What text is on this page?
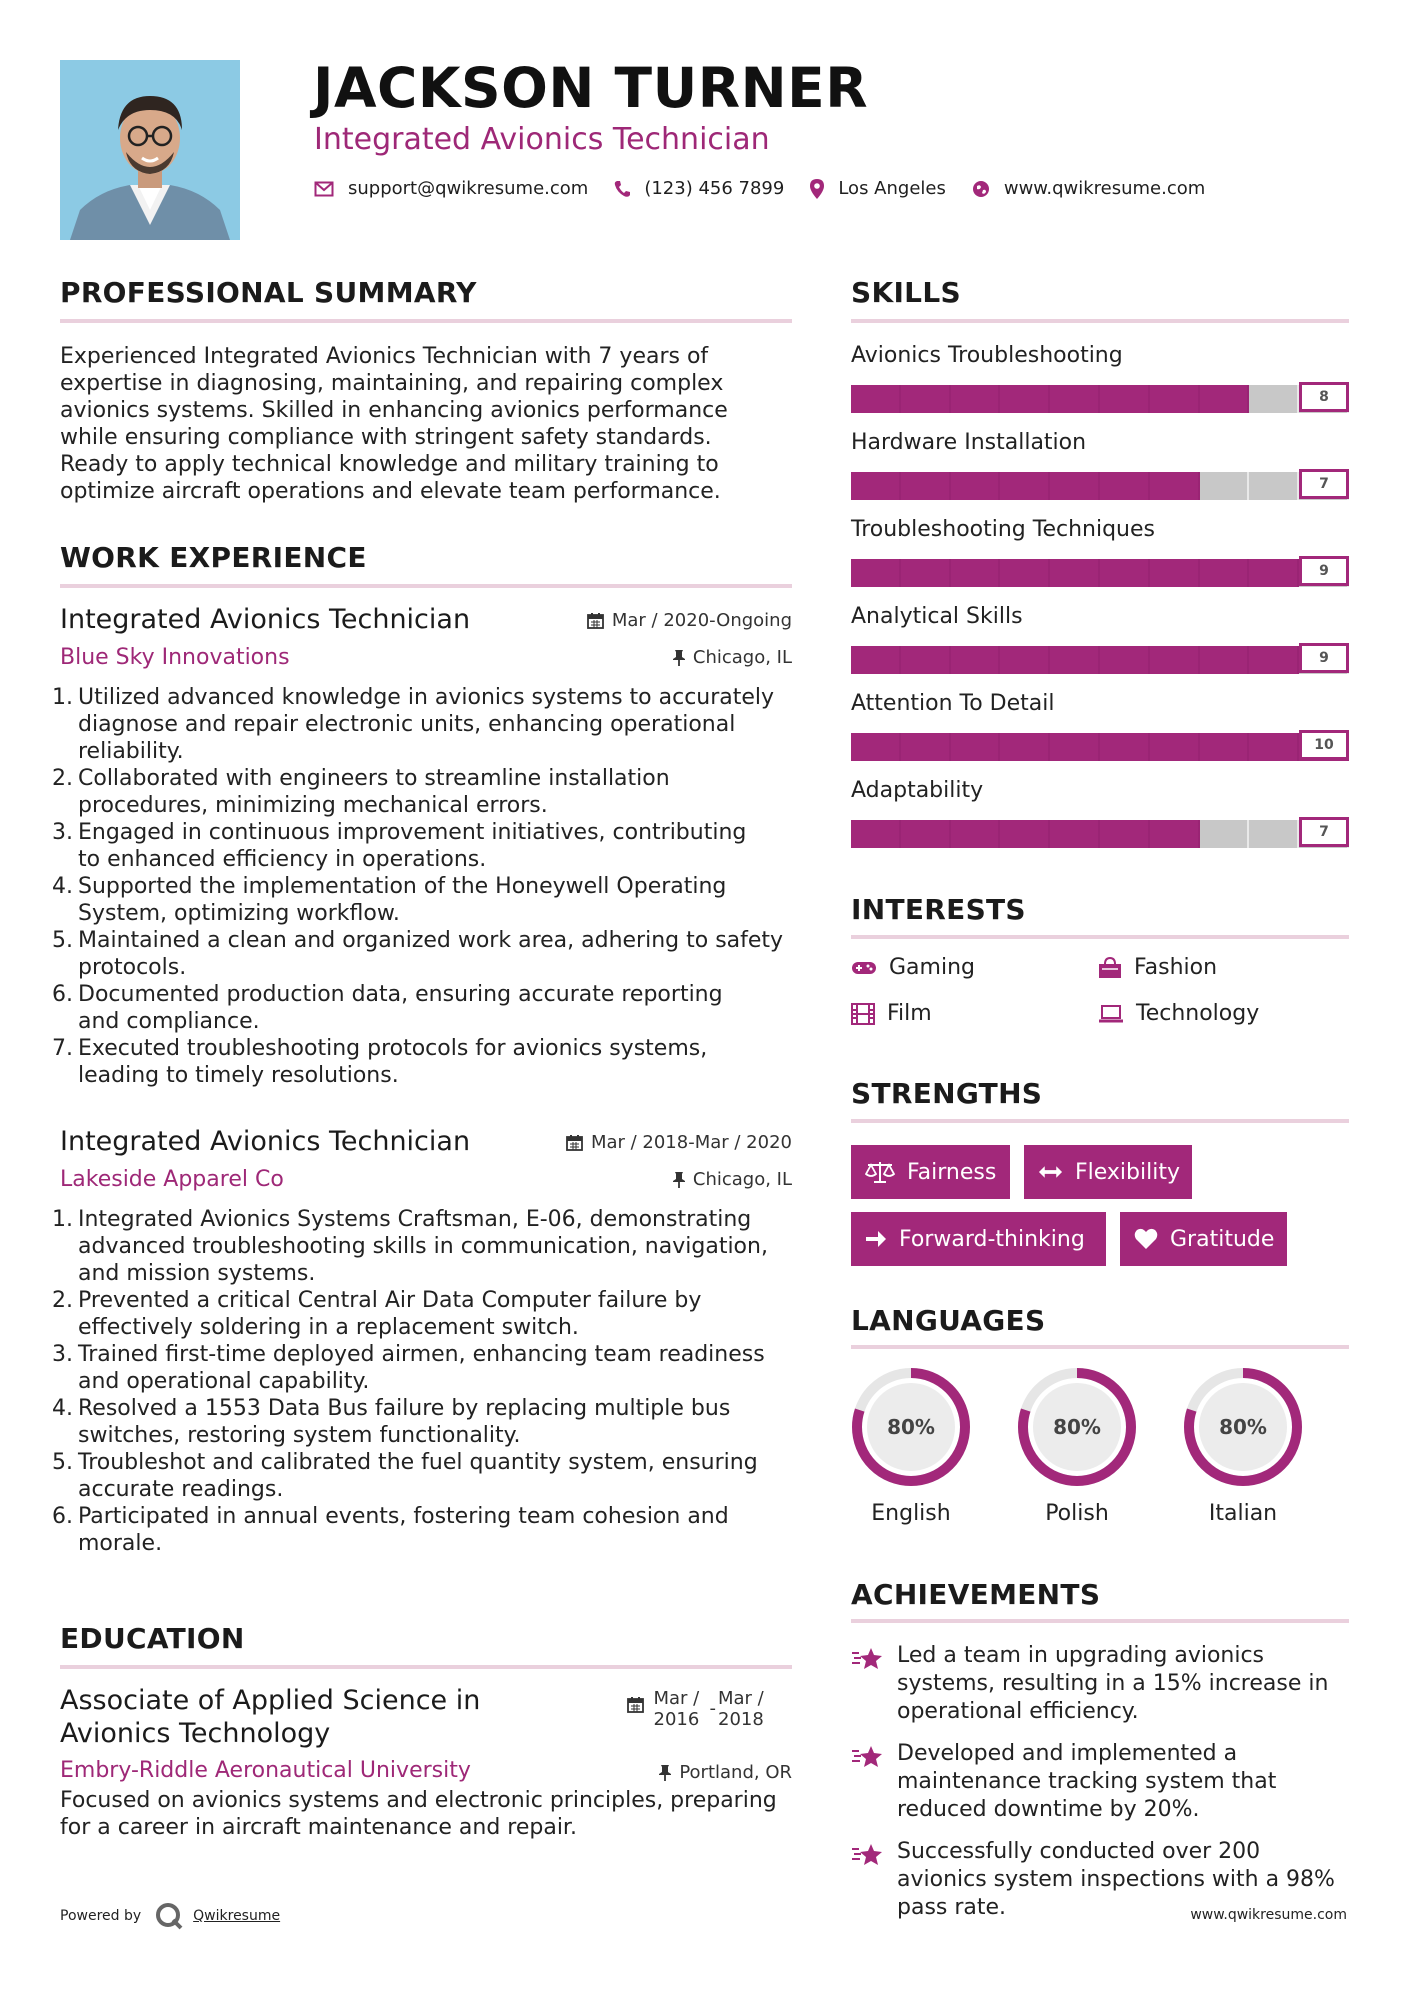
JACKSON TURNER
Integrated Avionics Technician
support@qwikresume.com	(123) 456 7899	Los Angeles	www.qwikresume.com
PROFESSIONAL SUMMARY
Experienced Integrated Avionics Technician with 7 years of
expertise in diagnosing, maintaining, and repairing complex
avionics systems. Skilled in enhancing avionics performance
while ensuring compliance with stringent safety standards.
Ready to apply technical knowledge and military training to
optimize aircraft operations and elevate team performance.
WORK EXPERIENCE
Integrated Avionics Technician	Mar / 2020-Ongoing
Blue Sky Innovations	Chicago, IL
1. Utilized advanced knowledge in avionics systems to accurately
diagnose and repair electronic units, enhancing operational
reliability.
2. Collaborated with engineers to streamline installation
procedures, minimizing mechanical errors.
3. Engaged in continuous improvement initiatives, contributing
to enhanced efficiency in operations.
4. Supported the implementation of the Honeywell Operating
System, optimizing workflow.
5. Maintained a clean and organized work area, adhering to safety
protocols.
6. Documented production data, ensuring accurate reporting
and compliance.
7. Executed troubleshooting protocols for avionics systems,
leading to timely resolutions.
Integrated Avionics Technician	Mar / 2018-Mar / 2020
Lakeside Apparel Co	Chicago, IL
1. Integrated Avionics Systems Craftsman, E-06, demonstrating
advanced troubleshooting skills in communication, navigation,
and mission systems.
2. Prevented a critical Central Air Data Computer failure by
effectively soldering in a replacement switch.
3. Trained first-time deployed airmen, enhancing team readiness
and operational capability.
4. Resolved a 1553 Data Bus failure by replacing multiple bus
switches, restoring system functionality.
5. Troubleshot and calibrated the fuel quantity system, ensuring
accurate readings.
6. Participated in annual events, fostering team cohesion and
morale.
EDUCATION
Associate of Applied Science in
Avionics Technology
Mar /
2016
- Mar /
2018
Embry-Riddle Aeronautical University	Portland, OR
Focused on avionics systems and electronic principles, preparing
for a career in aircraft maintenance and repair.
Powered by	Qwikresume	www.qwikresume.com
SKILLS
Avionics Troubleshooting
8
Hardware Installation
7
Troubleshooting Techniques
9
Analytical Skills
9
Attention To Detail
10
Adaptability
7
INTERESTS
Gaming	Fashion
Film	Technology
STRENGTHS
Fairness	Flexibility
Forward-thinking	Gratitude
LANGUAGES
80%
English
80%
Polish
80%
Italian
ACHIEVEMENTS
Led a team in upgrading avionics
systems, resulting in a 15% increase in
operational efficiency.
Developed and implemented a
maintenance tracking system that
reduced downtime by 20%.
Successfully conducted over 200
avionics system inspections with a 98%
pass rate.
